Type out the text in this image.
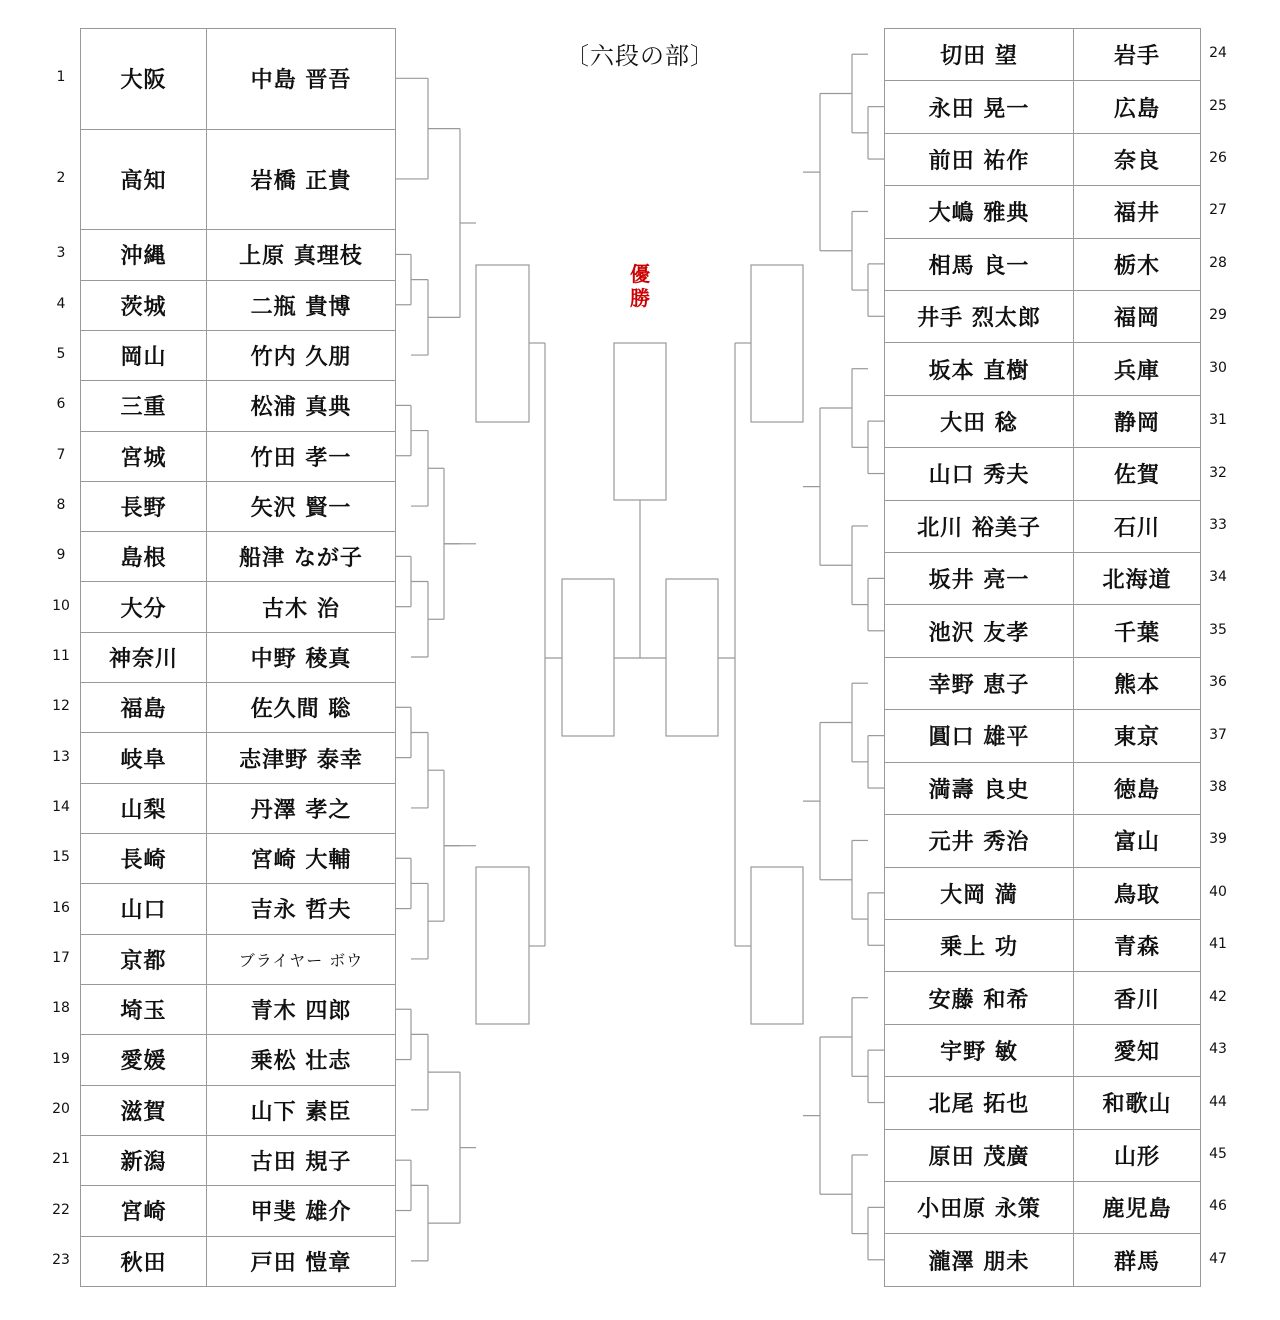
〔六段の部〕
優勝
大阪	中島 晋吾
高知	岩橋 正貴
沖縄	上原 真理枝
茨城	二瓶 貴博
岡山	竹内 久朋
三重	松浦 真典
宮城	竹田 孝一
長野	矢沢 賢一
島根	船津 なが子
大分	古木 治
神奈川	中野 稜真
福島	佐久間 聡
岐阜	志津野 泰幸
山梨	丹澤 孝之
長崎	宮崎 大輔
山口	吉永 哲夫
京都	ブライヤー ボウ
埼玉	青木 四郎
愛媛	乗松 壮志
滋賀	山下 素臣
新潟	古田 規子
宮崎	甲斐 雄介
秋田	戸田 愷章
切田 望	岩手
永田 晃一	広島
前田 祐作	奈良
大嶋 雅典	福井
相馬 良一	栃木
井手 烈太郎	福岡
坂本 直樹	兵庫
大田 稔	静岡
山口 秀夫	佐賀
北川 裕美子	石川
坂井 亮一	北海道
池沢 友孝	千葉
幸野 恵子	熊本
圓口 雄平	東京
満壽 良史	徳島
元井 秀治	富山
大岡 満	鳥取
乗上 功	青森
安藤 和希	香川
宇野 敏	愛知
北尾 拓也	和歌山
原田 茂廣	山形
小田原 永策	鹿児島
瀧澤 朋未	群馬
1
2
3
4
5
6
7
8
9
10
11
12
13
14
15
16
17
18
19
20
21
22
23
24
25
26
27
28
29
30
31
32
33
34
35
36
37
38
39
40
41
42
43
44
45
46
47
